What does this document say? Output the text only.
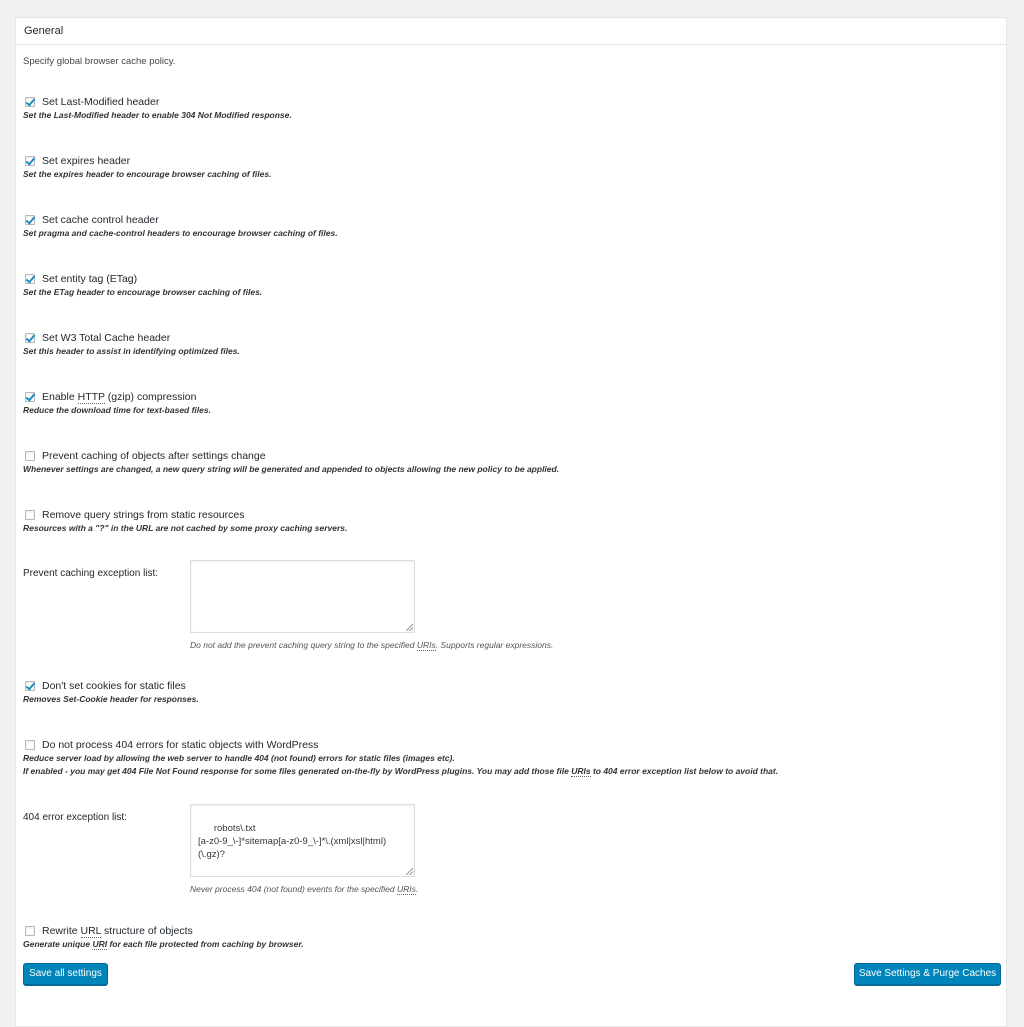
General
Specify global browser cache policy.
Set Last-Modified header
Set the Last-Modified header to enable 304 Not Modified response.
Set expires header
Set the expires header to encourage browser caching of files.
Set cache control header
Set pragma and cache-control headers to encourage browser caching of files.
Set entity tag (ETag)
Set the ETag header to encourage browser caching of files.
Set W3 Total Cache header
Set this header to assist in identifying optimized files.
Enable HTTP (gzip) compression
Reduce the download time for text-based files.
Prevent caching of objects after settings change
Whenever settings are changed, a new query string will be generated and appended to objects allowing the new policy to be applied.
Remove query strings from static resources
Resources with a "?" in the URL are not cached by some proxy caching servers.
Prevent caching exception list:

Do not add the prevent caching query string to the specified URIs. Supports regular expressions.
Don't set cookies for static files
Removes Set-Cookie header for responses.
Do not process 404 errors for static objects with WordPress
Reduce server load by allowing the web server to handle 404 (not found) errors for static files (images etc).
If enabled - you may get 404 File Not Found response for some files generated on-the-fly by WordPress plugins. You may add those file URIs to 404 error exception list below to avoid that.
404 error exception list:

robots\.txt
[a-z0-9_\-]*sitemap[a-z0-9_\-]*\.(xml|xsl|html)(\.gz)?

Never process 404 (not found) events for the specified URIs.
Rewrite URL structure of objects
Generate unique URI for each file protected from caching by browser.
Save all settings	Save Settings & Purge Caches
